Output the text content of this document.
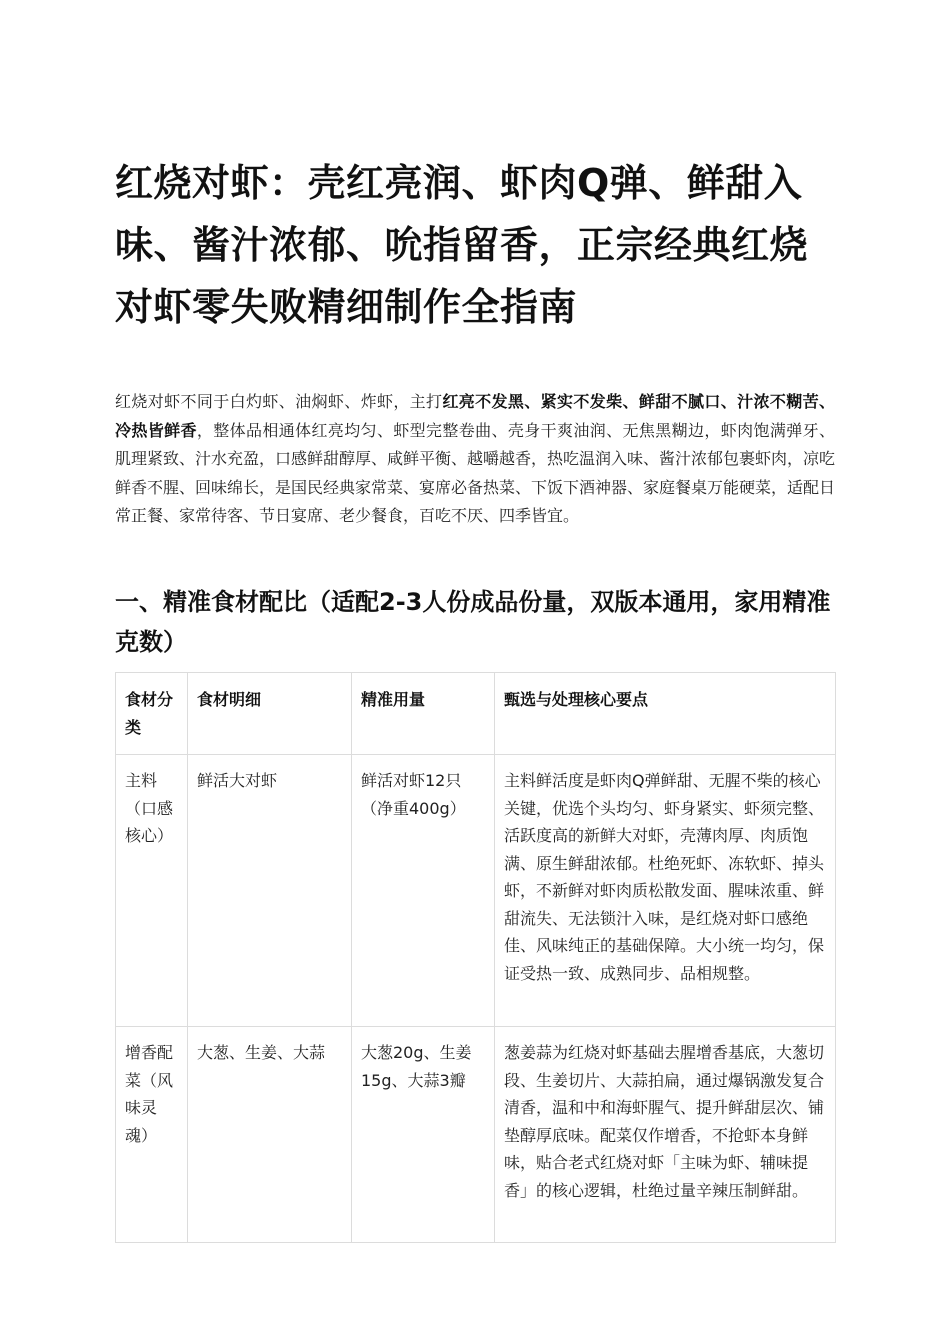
红烧对虾：壳红亮润、虾肉Q弹、鲜甜入味、酱汁浓郁、吮指留香，正宗经典红烧对虾零失败精细制作全指南

红烧对虾不同于白灼虾、油焖虾、炸虾，主打红亮不发黑、紧实不发柴、鲜甜不腻口、汁浓不糊苦、冷热皆鲜香，整体品相通体红亮均匀、虾型完整卷曲、壳身干爽油润、无焦黑糊边，虾肉饱满弹牙、肌理紧致、汁水充盈，口感鲜甜醇厚、咸鲜平衡、越嚼越香，热吃温润入味、酱汁浓郁包裹虾肉，凉吃鲜香不腥、回味绵长，是国民经典家常菜、宴席必备热菜、下饭下酒神器、家庭餐桌万能硬菜，适配日常正餐、家常待客、节日宴席、老少餐食，百吃不厌、四季皆宜。

一、精准食材配比（适配2-3人份成品份量，双版本通用，家用精准克数）
食材分类	食材明细	精准用量	甄选与处理核心要点
主料（口感核心）	鲜活大对虾	鲜活对虾12只（净重400g）	主料鲜活度是虾肉Q弹鲜甜、无腥不柴的核心关键，优选个头均匀、虾身紧实、虾须完整、活跃度高的新鲜大对虾，壳薄肉厚、肉质饱满、原生鲜甜浓郁。杜绝死虾、冻软虾、掉头虾，不新鲜对虾肉质松散发面、腥味浓重、鲜甜流失、无法锁汁入味，是红烧对虾口感绝佳、风味纯正的基础保障。大小统一均匀，保证受热一致、成熟同步、品相规整。
增香配菜（风味灵魂）	大葱、生姜、大蒜	大葱20g、生姜15g、大蒜3瓣	葱姜蒜为红烧对虾基础去腥增香基底，大葱切段、生姜切片、大蒜拍扁，通过爆锅激发复合清香，温和中和海虾腥气、提升鲜甜层次、铺垫醇厚底味。配菜仅作增香，不抢虾本身鲜味，贴合老式红烧对虾「主味为虾、辅味提香」的核心逻辑，杜绝过量辛辣压制鲜甜。
